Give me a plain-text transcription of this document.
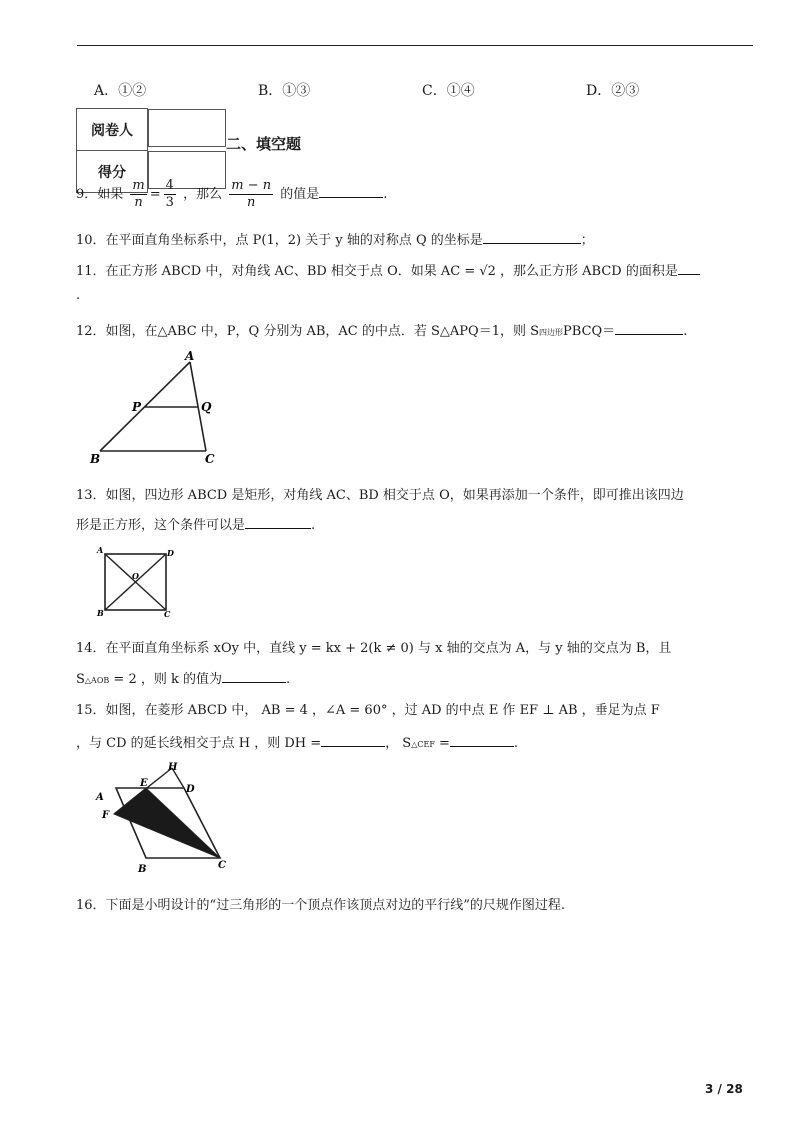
A．①②	B．①③	C．①④	D．②③
阅卷人	
得分	
二、填空题
9．如果 $\frac{m}{n} = \frac{4}{3}$ ，那么 $\frac{m - n}{n}$ 的值是	.
10．在平面直角坐标系中，点 P(1，2) 关于 y 轴的对称点 Q 的坐标是	；
11．在正方形 ABCD 中，对角线 AC、BD 相交于点 O．如果 AC = √2 ，那么正方形 ABCD 的面积是
.
12．如图，在△ABC 中，P，Q 分别为 AB，AC 的中点．若 S△APQ＝1，则 S四边形PBCQ＝	.
A
P	Q
B	C
13．如图，四边形 ABCD 是矩形，对角线 AC、BD 相交于点 O，如果再添加一个条件，即可推出该四边
形是正方形，这个条件可以是	.
A	D
O
B	C
14．在平面直角坐标系 xOy 中，直线 y = kx + 2(k ≠ 0) 与 x 轴的交点为 A，与 y 轴的交点为 B，且
S△AOB = 2 ，则 k 的值为	.
15．如图，在菱形 ABCD 中， AB = 4 ，∠A = 60° ，过 AD 的中点 E 作 EF ⊥ AB ，垂足为点 F
，与 CD 的延长线相交于点 H ，则 DH =	， S△CEF =	.
H
E
D
A
F
B	C
16．下面是小明设计的“过三角形的一个顶点作该顶点对边的平行线”的尺规作图过程.
3 / 28
